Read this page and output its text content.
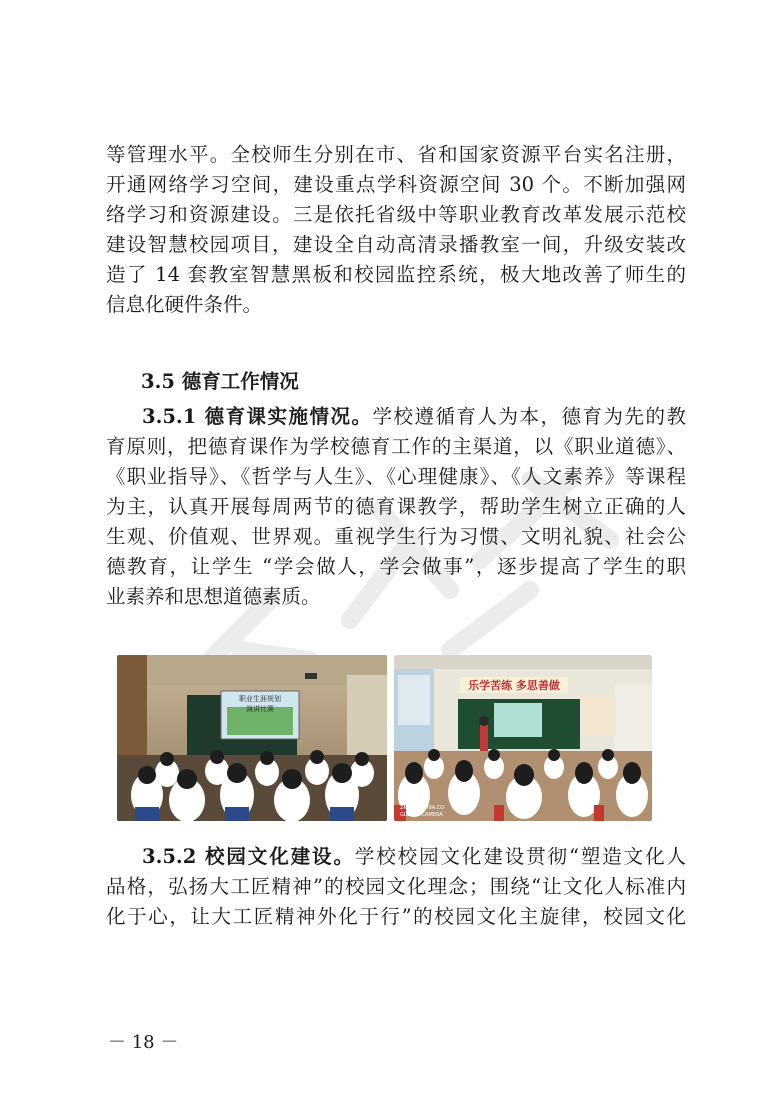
等管理水平。全校师生分别在市、省和国家资源平台实名注册，
开通网络学习空间，建设重点学科资源空间 30 个。不断加强网
络学习和资源建设。三是依托省级中等职业教育改革发展示范校
建设智慧校园项目，建设全自动高清录播教室一间，升级安装改
造了 14 套教室智慧黑板和校园监控系统，极大地改善了师生的
信息化硬件条件。

3.5 德育工作情况

3.5.1 德育课实施情况。学校遵循育人为本，德育为先的教
育原则，把德育课作为学校德育工作的主渠道，以《职业道德》、
《职业指导》、《哲学与人生》、《心理健康》、《人文素养》等课程
为主，认真开展每周两节的德育课教学，帮助学生树立正确的人
生观、价值观、世界观。重视学生行为习惯、文明礼貌、社会公
德教育，让学生 “学会做人，学会做事”，逐步提高了学生的职
业素养和思想道德素质。

职业生涯规划
演讲比赛
乐学苦练 多思善做
ZKJT.IN 4049A.CO
GLOBAL CAMERA

3.5.2 校园文化建设。学校校园文化建设贯彻“塑造文化人
品格，弘扬大工匠精神”的校园文化理念；围绕“让文化人标准内
化于心，让大工匠精神外化于行”的校园文化主旋律，校园文化

－ 18 －
